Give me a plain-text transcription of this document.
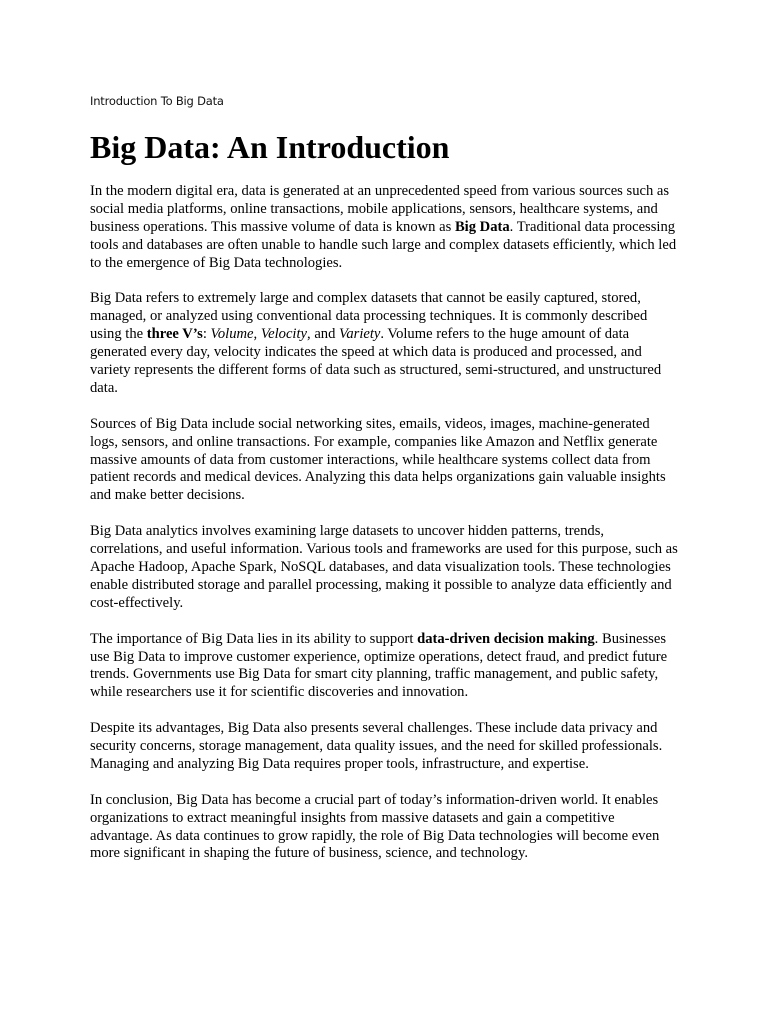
Introduction To Big Data
Big Data: An Introduction

In the modern digital era, data is generated at an unprecedented speed from various sources such as social media platforms, online transactions, mobile applications, sensors, healthcare systems, and business operations. This massive volume of data is known as Big Data. Traditional data processing tools and databases are often unable to handle such large and complex datasets efficiently, which led to the emergence of Big Data technologies.

Big Data refers to extremely large and complex datasets that cannot be easily captured, stored, managed, or analyzed using conventional data processing techniques. It is commonly described using the three V’s: Volume, Velocity, and Variety. Volume refers to the huge amount of data generated every day, velocity indicates the speed at which data is produced and processed, and variety represents the different forms of data such as structured, semi-structured, and unstructured data.

Sources of Big Data include social networking sites, emails, videos, images, machine-generated logs, sensors, and online transactions. For example, companies like Amazon and Netflix generate massive amounts of data from customer interactions, while healthcare systems collect data from patient records and medical devices. Analyzing this data helps organizations gain valuable insights and make better decisions.

Big Data analytics involves examining large datasets to uncover hidden patterns, trends, correlations, and useful information. Various tools and frameworks are used for this purpose, such as Apache Hadoop, Apache Spark, NoSQL databases, and data visualization tools. These technologies enable distributed storage and parallel processing, making it possible to analyze data efficiently and cost-effectively.

The importance of Big Data lies in its ability to support data-driven decision making. Businesses use Big Data to improve customer experience, optimize operations, detect fraud, and predict future trends. Governments use Big Data for smart city planning, traffic management, and public safety, while researchers use it for scientific discoveries and innovation.

Despite its advantages, Big Data also presents several challenges. These include data privacy and security concerns, storage management, data quality issues, and the need for skilled professionals. Managing and analyzing Big Data requires proper tools, infrastructure, and expertise.

In conclusion, Big Data has become a crucial part of today’s information-driven world. It enables organizations to extract meaningful insights from massive datasets and gain a competitive advantage. As data continues to grow rapidly, the role of Big Data technologies will become even more significant in shaping the future of business, science, and technology.
